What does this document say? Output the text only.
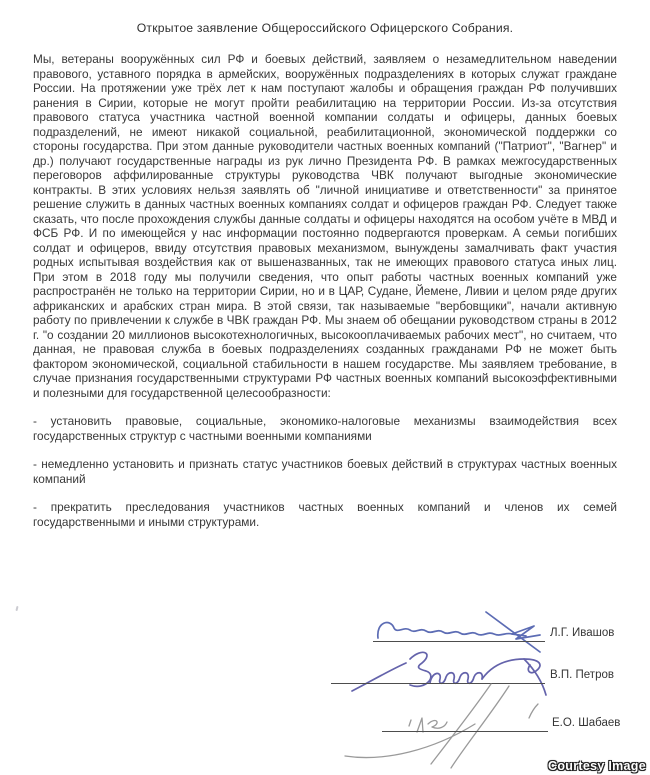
Открытое заявление Общероссийского Офицерского Собрания.

Мы, ветераны вооружённых сил РФ и боевых действий, заявляем о незамедлительном наведении правового, уставного порядка в армейских, вооружённых подразделениях в которых служат граждане России. На протяжении уже трёх лет к нам поступают жалобы и обращения граждан РФ получивших ранения в Сирии, которые не могут пройти реабилитацию на территории России. Из-за отсутствия правового статуса участника частной военной компании солдаты и офицеры, данных боевых подразделений, не имеют никакой социальной, реабилитационной, экономической поддержки со стороны государства. При этом данные руководители частных военных компаний ("Патриот", "Вагнер" и др.) получают государственные награды из рук лично Президента РФ. В рамках межгосударственных переговоров аффилированные структуры руководства ЧВК получают выгодные экономические контракты. В этих условиях нельзя заявлять об "личной инициативе и ответственности" за принятое решение служить в данных частных военных компаниях солдат и офицеров граждан РФ. Следует также сказать, что после прохождения службы данные солдаты и офицеры находятся на особом учёте в МВД и ФСБ РФ. И по имеющейся у нас информации постоянно подвергаются проверкам. А семьи погибших солдат и офицеров, ввиду отсутствия правовых механизмом, вынуждены замалчивать факт участия родных испытывая воздействия как от вышеназванных, так не имеющих правового статуса иных лиц. При этом в 2018 году мы получили сведения, что опыт работы частных военных компаний уже распространён не только на территории Сирии, но и в ЦАР, Судане, Йемене, Ливии и целом ряде других африканских и арабских стран мира. В этой связи, так называемые "вербовщики", начали активную работу по привлечении к службе в ЧВК граждан РФ. Мы знаем об обещании руководством страны в 2012 г. "о создании 20 миллионов высокотехнологичных, высокооплачиваемых рабочих мест", но считаем, что данная, не правовая служба в боевых подразделениях созданных гражданами РФ не может быть фактором экономической, социальной стабильности в нашем государстве. Мы заявляем требование, в случае признания государственными структурами РФ частных военных компаний высокоэффективными и полезными для государственной целесообразности:

- установить правовые, социальные, экономико-налоговые механизмы взаимодействия всех государственных структур с частными военными компаниями

- немедленно установить и признать статус участников боевых действий в структурах частных военных компаний

- прекратить преследования участников частных военных компаний и членов их семей государственными и иными структурами.

Л.Г. Ивашов
В.П. Петров
Е.О. Шабаев
Courtesy Image
